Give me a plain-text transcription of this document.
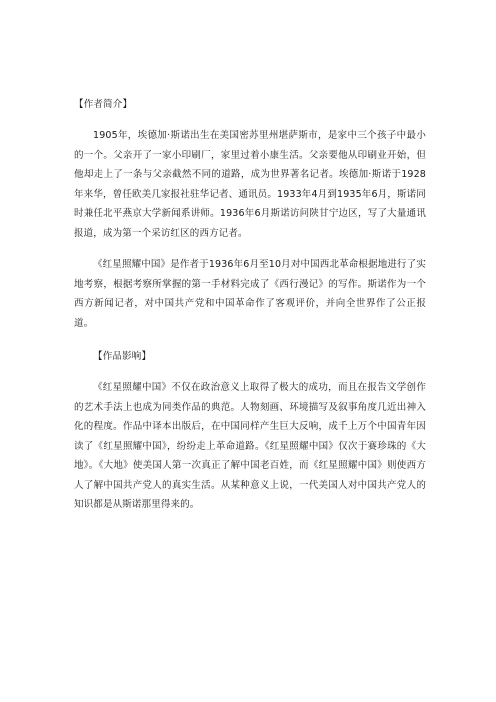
【作者简介】

1905年，埃德加·斯诺出生在美国密苏里州堪萨斯市，是家中三个孩子中最小的一个。父亲开了一家小印刷厂，家里过着小康生活。父亲要他从印刷业开始，但他却走上了一条与父亲截然不同的道路，成为世界著名记者。埃德加·斯诺于1928年来华，曾任欧美几家报社驻华记者、通讯员。1933年4月到1935年6月，斯诺同时兼任北平燕京大学新闻系讲师。1936年6月斯诺访问陕甘宁边区，写了大量通讯报道，成为第一个采访红区的西方记者。

《红星照耀中国》是作者于1936年6月至10月对中国西北革命根据地进行了实地考察，根据考察所掌握的第一手材料完成了《西行漫记》的写作。斯诺作为一个西方新闻记者，对中国共产党和中国革命作了客观评价，并向全世界作了公正报道。

【作品影响】

《红星照耀中国》不仅在政治意义上取得了极大的成功，而且在报告文学创作的艺术手法上也成为同类作品的典范。人物刻画、环境描写及叙事角度几近出神入化的程度。作品中译本出版后，在中国同样产生巨大反响，成千上万个中国青年因读了《红星照耀中国》，纷纷走上革命道路。《红星照耀中国》仅次于赛珍珠的《大地》。《大地》使美国人第一次真正了解中国老百姓，而《红星照耀中国》则使西方人了解中国共产党人的真实生活。从某种意义上说，一代美国人对中国共产党人的知识都是从斯诺那里得来的。
